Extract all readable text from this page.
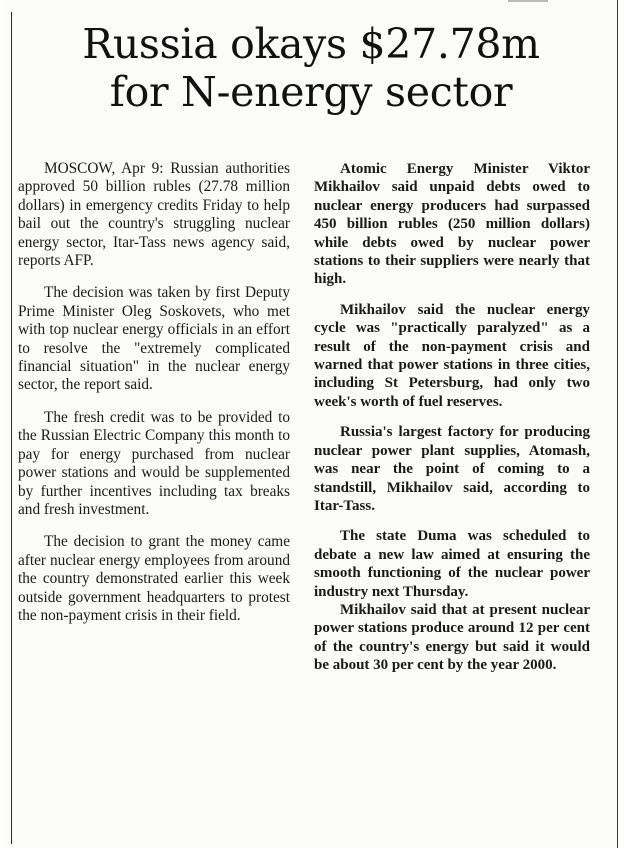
Russia okays $27.78m
for N-energy sector

MOSCOW, Apr 9: Russian authorities approved 50 billion rubles (27.78 million dollars) in emergency credits Friday to help bail out the country's struggling nuclear energy sector, Itar-Tass news agency said, reports AFP.

The decision was taken by first Deputy Prime Minister Oleg Soskovets, who met with top nuclear energy officials in an effort to resolve the "extremely complicated financial situation" in the nuclear energy sector, the report said.

The fresh credit was to be provided to the Russian Electric Company this month to pay for energy purchased from nuclear power stations and would be supplemented by further incentives including tax breaks and fresh investment.

The decision to grant the money came after nuclear energy employees from around the country demonstrated earlier this week outside government headquarters to protest the non-payment crisis in their field.

Atomic Energy Minister Viktor Mikhailov said unpaid debts owed to nuclear energy producers had surpassed 450 billion rubles (250 million dollars) while debts owed by nuclear power stations to their suppliers were nearly that high.

Mikhailov said the nuclear energy cycle was "practically paralyzed" as a result of the non-payment crisis and warned that power stations in three cities, including St Petersburg, had only two week's worth of fuel reserves.

Russia's largest factory for producing nuclear power plant supplies, Atomash, was near the point of coming to a standstill, Mikhailov said, according to Itar-Tass.

The state Duma was scheduled to debate a new law aimed at ensuring the smooth functioning of the nuclear power industry next Thursday.

Mikhailov said that at present nuclear power stations produce around 12 per cent of the country's energy but said it would be about 30 per cent by the year 2000.
